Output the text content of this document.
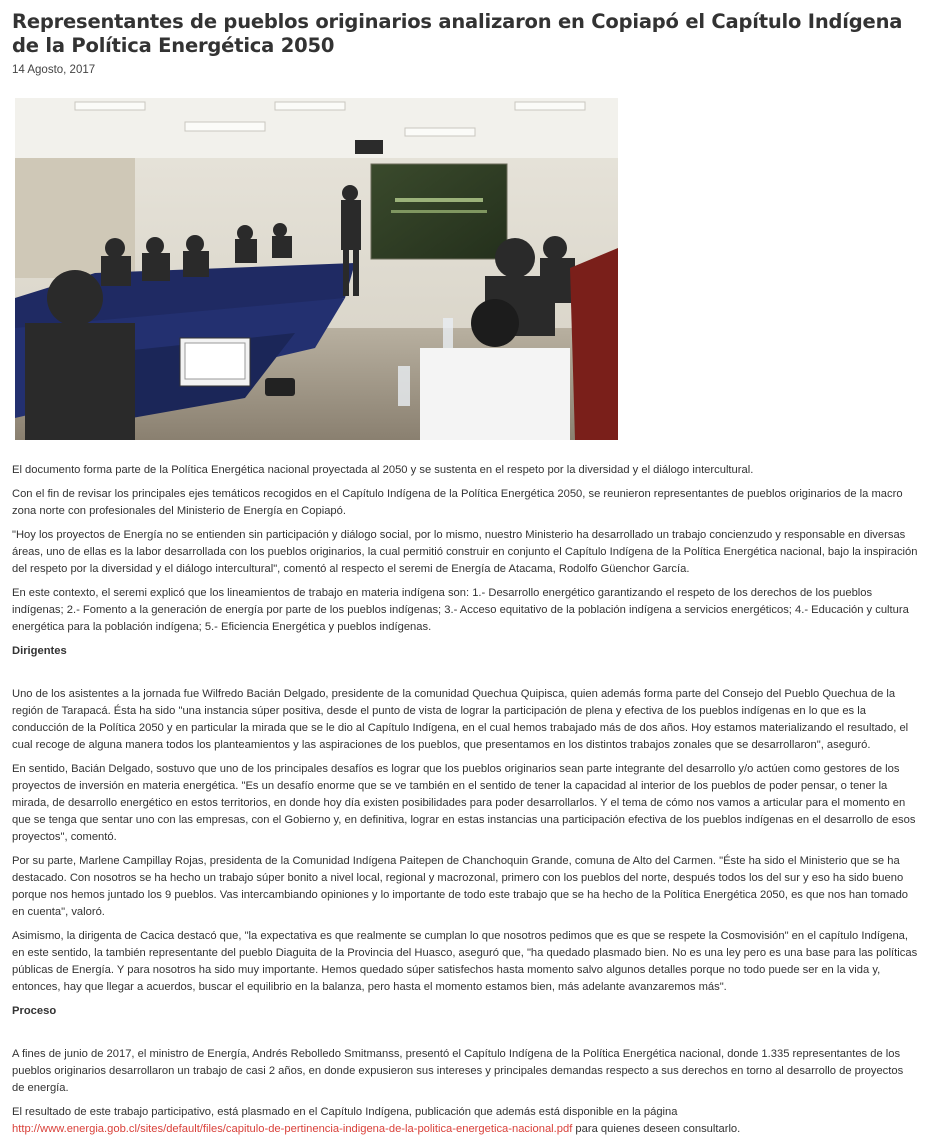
Representantes de pueblos originarios analizaron en Copiapó el Capítulo Indígena de la Política Energética 2050
14 Agosto, 2017

El documento forma parte de la Política Energética nacional proyectada al 2050 y se sustenta en el respeto por la diversidad y el diálogo intercultural.

Con el fin de revisar los principales ejes temáticos recogidos en el Capítulo Indígena de la Política Energética 2050, se reunieron representantes de pueblos originarios de la macro zona norte con profesionales del Ministerio de Energía en Copiapó.

"Hoy los proyectos de Energía no se entienden sin participación y diálogo social, por lo mismo, nuestro Ministerio ha desarrollado un trabajo concienzudo y responsable en diversas áreas, uno de ellas es la labor desarrollada con los pueblos originarios, la cual permitió construir en conjunto el Capítulo Indígena de la Política Energética nacional, bajo la inspiración del respeto por la diversidad y el diálogo intercultural", comentó al respecto el seremi de Energía de Atacama, Rodolfo Güenchor García.

En este contexto, el seremi explicó que los lineamientos de trabajo en materia indígena son: 1.- Desarrollo energético garantizando el respeto de los derechos de los pueblos indígenas; 2.- Fomento a la generación de energía por parte de los pueblos indígenas; 3.- Acceso equitativo de la población indígena a servicios energéticos; 4.- Educación y cultura energética para la población indígena; 5.- Eficiencia Energética y pueblos indígenas.

Dirigentes

Uno de los asistentes a la jornada fue Wilfredo Bacián Delgado, presidente de la comunidad Quechua Quipisca, quien además forma parte del Consejo del Pueblo Quechua de la región de Tarapacá. Ésta ha sido "una instancia súper positiva, desde el punto de vista de lograr la participación de plena y efectiva de los pueblos indígenas en lo que es la conducción de la Política 2050 y en particular la mirada que se le dio al Capítulo Indígena, en el cual hemos trabajado más de dos años. Hoy estamos materializando el resultado, el cual recoge de alguna manera todos los planteamientos y las aspiraciones de los pueblos, que presentamos en los distintos trabajos zonales que se desarrollaron", aseguró.

En sentido, Bacián Delgado, sostuvo que uno de los principales desafíos es lograr que los pueblos originarios sean parte integrante del desarrollo y/o actúen como gestores de los proyectos de inversión en materia energética. "Es un desafío enorme que se ve también en el sentido de tener la capacidad al interior de los pueblos de poder pensar, o tener la mirada, de desarrollo energético en estos territorios, en donde hoy día existen posibilidades para poder desarrollarlos. Y el tema de cómo nos vamos a articular para el momento en que se tenga que sentar uno con las empresas, con el Gobierno y, en definitiva, lograr en estas instancias una participación efectiva de los pueblos indígenas en el desarrollo de esos proyectos", comentó.

Por su parte, Marlene Campillay Rojas, presidenta de la Comunidad Indígena Paitepen de Chanchoquin Grande, comuna de Alto del Carmen. "Éste ha sido el Ministerio que se ha destacado. Con nosotros se ha hecho un trabajo súper bonito a nivel local, regional y macrozonal, primero con los pueblos del norte, después todos los del sur y eso ha sido bueno porque nos hemos juntado los 9 pueblos. Vas intercambiando opiniones y lo importante de todo este trabajo que se ha hecho de la Política Energética 2050, es que nos han tomado en cuenta", valoró.

Asimismo, la dirigenta de Cacica destacó que, "la expectativa es que realmente se cumplan lo que nosotros pedimos que es que se respete la Cosmovisión" en el capítulo Indígena, en este sentido, la también representante del pueblo Diaguita de la Provincia del Huasco, aseguró que, "ha quedado plasmado bien. No es una ley pero es una base para las políticas públicas de Energía. Y para nosotros ha sido muy importante. Hemos quedado súper satisfechos hasta momento salvo algunos detalles porque no todo puede ser en la vida y, entonces, hay que llegar a acuerdos, buscar el equilibrio en la balanza, pero hasta el momento estamos bien, más adelante avanzaremos más".

Proceso

A fines de junio de 2017, el ministro de Energía, Andrés Rebolledo Smitmanss, presentó el Capítulo Indígena de la Política Energética nacional, donde 1.335 representantes de los pueblos originarios desarrollaron un trabajo de casi 2 años, en donde expusieron sus intereses y principales demandas respecto a sus derechos en torno al desarrollo de proyectos de energía.

El resultado de este trabajo participativo, está plasmado en el Capítulo Indígena, publicación que además está disponible en la página http://www.energia.gob.cl/sites/default/files/capitulo-de-pertinencia-indigena-de-la-politica-energetica-nacional.pdf para quienes deseen consultarlo.
